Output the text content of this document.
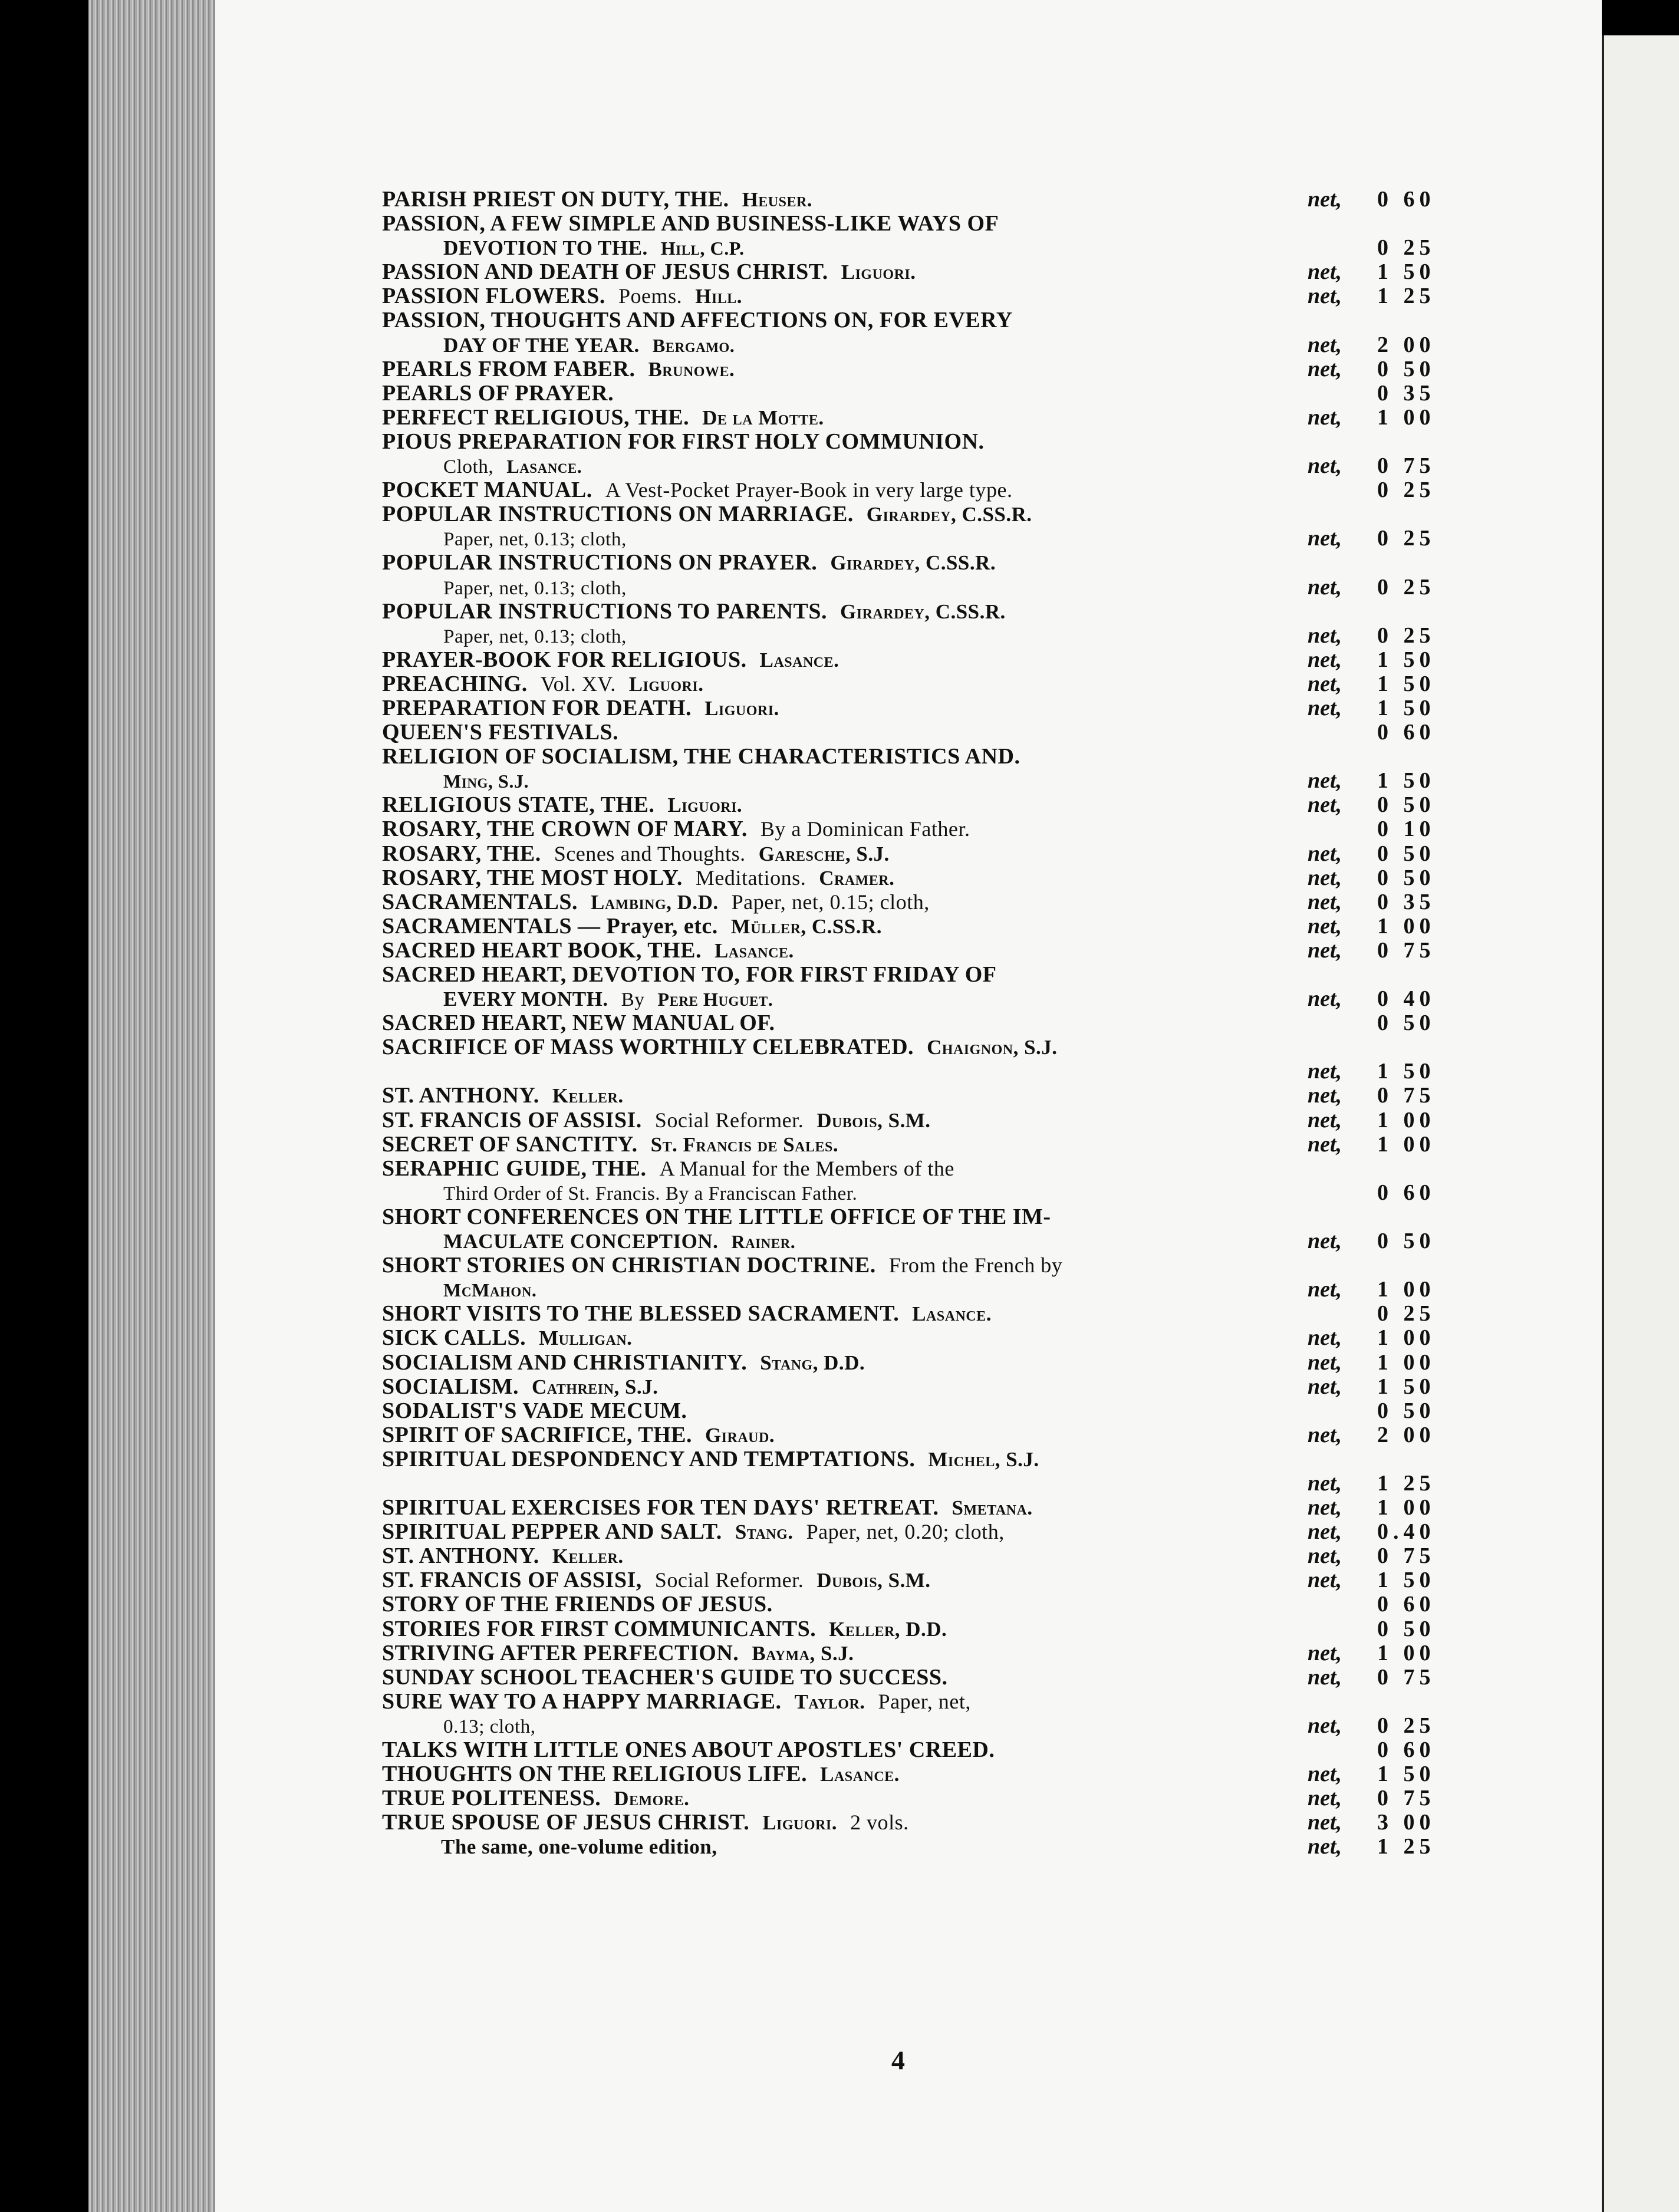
PARISH PRIEST ON DUTY, THE. Heuser.	net, 0 60
PASSION, A FEW SIMPLE AND BUSINESS-LIKE WAYS OF
DEVOTION TO THE. Hill, C.P.	0 25
PASSION AND DEATH OF JESUS CHRIST. Liguori.	net, 1 50
PASSION FLOWERS. Poems. Hill.	net, 1 25
PASSION, THOUGHTS AND AFFECTIONS ON, FOR EVERY
DAY OF THE YEAR. Bergamo.	net, 2 00
PEARLS FROM FABER. Brunowe.	net, 0 50
PEARLS OF PRAYER.	0 35
PERFECT RELIGIOUS, THE. De la Motte.	net, 1 00
PIOUS PREPARATION FOR FIRST HOLY COMMUNION.
Cloth, Lasance.	net, 0 75
POCKET MANUAL. A Vest-Pocket Prayer-Book in very large type.	0 25
POPULAR INSTRUCTIONS ON MARRIAGE. Girardey, C.SS.R.
Paper, net, 0.13; cloth,	net, 0 25
POPULAR INSTRUCTIONS ON PRAYER. Girardey, C.SS.R.
Paper, net, 0.13; cloth,	net, 0 25
POPULAR INSTRUCTIONS TO PARENTS. Girardey, C.SS.R.
Paper, net, 0.13; cloth,	net, 0 25
PRAYER-BOOK FOR RELIGIOUS. Lasance.	net, 1 50
PREACHING. Vol. XV. Liguori.	net, 1 50
PREPARATION FOR DEATH. Liguori.	net, 1 50
QUEEN'S FESTIVALS.	0 60
RELIGION OF SOCIALISM, THE CHARACTERISTICS AND.
Ming, S.J.	net, 1 50
RELIGIOUS STATE, THE. Liguori.	net, 0 50
ROSARY, THE CROWN OF MARY. By a Dominican Father.	0 10
ROSARY, THE. Scenes and Thoughts. Garesche, S.J.	net, 0 50
ROSARY, THE MOST HOLY. Meditations. Cramer.	net, 0 50
SACRAMENTALS. Lambing, D.D. Paper, net, 0.15; cloth,	net, 0 35
SACRAMENTALS — Prayer, etc. Müller, C.SS.R.	net, 1 00
SACRED HEART BOOK, THE. Lasance.	net, 0 75
SACRED HEART, DEVOTION TO, FOR FIRST FRIDAY OF
EVERY MONTH. By Pere Huguet.	net, 0 40
SACRED HEART, NEW MANUAL OF.	0 50
SACRIFICE OF MASS WORTHILY CELEBRATED. Chaignon, S.J.
net, 1 50
ST. ANTHONY. Keller.	net, 0 75
ST. FRANCIS OF ASSISI. Social Reformer. Dubois, S.M.	net, 1 00
SECRET OF SANCTITY. St. Francis de Sales.	net, 1 00
SERAPHIC GUIDE, THE. A Manual for the Members of the
Third Order of St. Francis. By a Franciscan Father.	0 60
SHORT CONFERENCES ON THE LITTLE OFFICE OF THE IM-
MACULATE CONCEPTION. Rainer.	net, 0 50
SHORT STORIES ON CHRISTIAN DOCTRINE. From the French by
McMahon.	net, 1 00
SHORT VISITS TO THE BLESSED SACRAMENT. Lasance.	0 25
SICK CALLS. Mulligan.	net, 1 00
SOCIALISM AND CHRISTIANITY. Stang, D.D.	net, 1 00
SOCIALISM. Cathrein, S.J.	net, 1 50
SODALIST'S VADE MECUM.	0 50
SPIRIT OF SACRIFICE, THE. Giraud.	net, 2 00
SPIRITUAL DESPONDENCY AND TEMPTATIONS. Michel, S.J.
net, 1 25
SPIRITUAL EXERCISES FOR TEN DAYS' RETREAT. Smetana.	net, 1 00
SPIRITUAL PEPPER AND SALT. Stang. Paper, net, 0.20; cloth,	net, 0.40
ST. ANTHONY. Keller.	net, 0 75
ST. FRANCIS OF ASSISI, Social Reformer. Dubois, S.M.	net, 1 50
STORY OF THE FRIENDS OF JESUS.	0 60
STORIES FOR FIRST COMMUNICANTS. Keller, D.D.	0 50
STRIVING AFTER PERFECTION. Bayma, S.J.	net, 1 00
SUNDAY SCHOOL TEACHER'S GUIDE TO SUCCESS.	net, 0 75
SURE WAY TO A HAPPY MARRIAGE. Taylor. Paper, net,
0.13; cloth,	net, 0 25
TALKS WITH LITTLE ONES ABOUT APOSTLES' CREED.	0 60
THOUGHTS ON THE RELIGIOUS LIFE. Lasance.	net, 1 50
TRUE POLITENESS. Demore.	net, 0 75
TRUE SPOUSE OF JESUS CHRIST. Liguori. 2 vols.	net, 3 00
The same, one-volume edition,	net, 1 25
4
